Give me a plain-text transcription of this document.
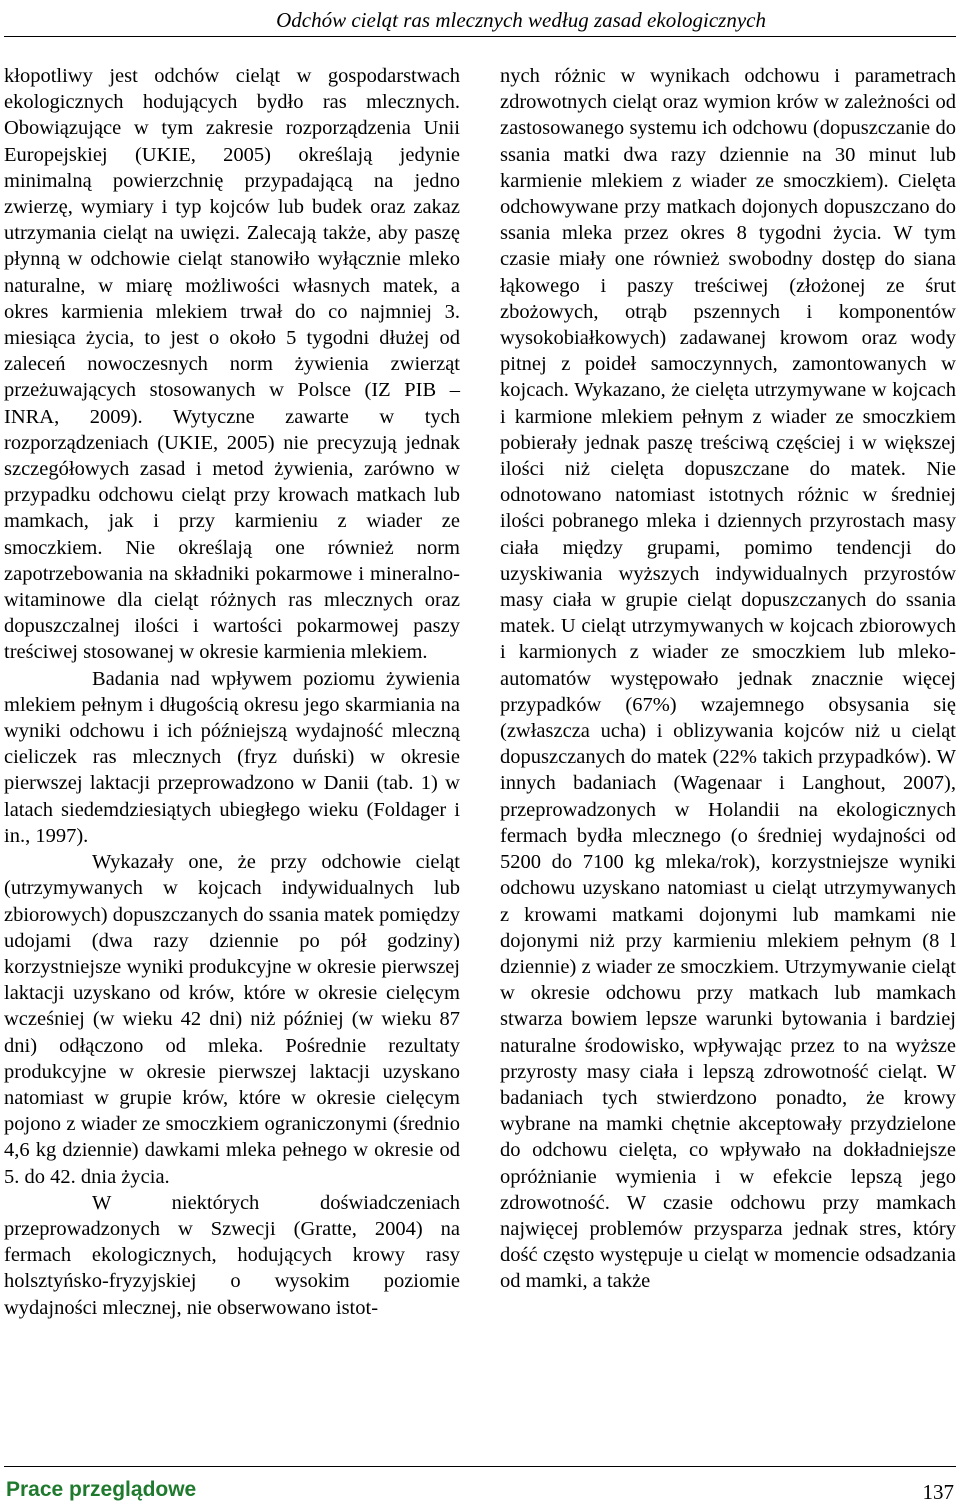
Odchów cieląt ras mlecznych według zasad ekologicznych

kłopotliwy jest odchów cieląt w gospodarstwach ekologicznych hodujących bydło ras mlecznych. Obowiązujące w tym zakresie rozporządzenia Unii Europejskiej (UKIE, 2005) określają jedynie minimalną powierzchnię przypadającą na jedno zwierzę, wymiary i typ kojców lub budek oraz zakaz utrzymania cieląt na uwięzi. Zalecają także, aby paszę płynną w odchowie cieląt stanowiło wyłącznie mleko naturalne, w miarę możliwości własnych matek, a okres karmienia mlekiem trwał do co najmniej 3. miesiąca życia, to jest o około 5 tygodni dłużej od zaleceń nowoczesnych norm żywienia zwierząt przeżuwających stosowanych w Polsce (IZ PIB – INRA, 2009). Wytyczne zawarte w tych rozporządzeniach (UKIE, 2005) nie precyzują jednak szczegółowych zasad i metod żywienia, zarówno w przypadku odchowu cieląt przy krowach matkach lub mamkach, jak i przy karmieniu z wiader ze smoczkiem. Nie określają one również norm zapotrzebowania na składniki pokarmowe i mineralno-witaminowe dla cieląt różnych ras mlecznych oraz dopuszczalnej ilości i wartości pokarmowej paszy treściwej stosowanej w okresie karmienia mlekiem.

Badania nad wpływem poziomu żywienia mlekiem pełnym i długością okresu jego skarmiania na wyniki odchowu i ich późniejszą wydajność mleczną cieliczek ras mlecznych (fryz duński) w okresie pierwszej laktacji przeprowadzono w Danii (tab. 1) w latach siedemdziesiątych ubiegłego wieku (Foldager i in., 1997).

Wykazały one, że przy odchowie cieląt (utrzymywanych w kojcach indywidualnych lub zbiorowych) dopuszczanych do ssania matek pomiędzy udojami (dwa razy dziennie po pół godziny) korzystniejsze wyniki produkcyjne w okresie pierwszej laktacji uzyskano od krów, które w okresie cielęcym wcześniej (w wieku 42 dni) niż później (w wieku 87 dni) odłączono od mleka. Pośrednie rezultaty produkcyjne w okresie pierwszej laktacji uzyskano natomiast w grupie krów, które w okresie cielęcym pojono z wiader ze smoczkiem ograniczonymi (średnio 4,6 kg dziennie) dawkami mleka pełnego w okresie od 5. do 42. dnia życia.

W niektórych doświadczeniach przeprowadzonych w Szwecji (Gratte, 2004) na fermach ekologicznych, hodujących krowy rasy holsztyńsko-fryzyjskiej o wysokim poziomie wydajności mlecznej, nie obserwowano istot-

nych różnic w wynikach odchowu i parametrach zdrowotnych cieląt oraz wymion krów w zależności od zastosowanego systemu ich odchowu (dopuszczanie do ssania matki dwa razy dziennie na 30 minut lub karmienie mlekiem z wiader ze smoczkiem). Cielęta odchowywane przy matkach dojonych dopuszczano do ssania mleka przez okres 8 tygodni życia. W tym czasie miały one również swobodny dostęp do siana łąkowego i paszy treściwej (złożonej ze śrut zbożowych, otrąb pszennych i komponentów wysokobiałkowych) zadawanej krowom oraz wody pitnej z poideł samoczynnych, zamontowanych w kojcach. Wykazano, że cielęta utrzymywane w kojcach i karmione mlekiem pełnym z wiader ze smoczkiem pobierały jednak paszę treściwą częściej i w większej ilości niż cielęta dopuszczane do matek. Nie odnotowano natomiast istotnych różnic w średniej ilości pobranego mleka i dziennych przyrostach masy ciała między grupami, pomimo tendencji do uzyskiwania wyższych indywidualnych przyrostów masy ciała w grupie cieląt dopuszczanych do ssania matek. U cieląt utrzymywanych w kojcach zbiorowych i karmionych z wiader ze smoczkiem lub mleko-automatów występowało jednak znacznie więcej przypadków (67%) wzajemnego obsysania się (zwłaszcza ucha) i oblizywania kojców niż u cieląt dopuszczanych do matek (22% takich przypadków). W innych badaniach (Wagenaar i Langhout, 2007), przeprowadzonych w Holandii na ekologicznych fermach bydła mlecznego (o średniej wydajności od 5200 do 7100 kg mleka/rok), korzystniejsze wyniki odchowu uzyskano natomiast u cieląt utrzymywanych z krowami matkami dojonymi lub mamkami nie dojonymi niż przy karmieniu mlekiem pełnym (8 l dziennie) z wiader ze smoczkiem. Utrzymywanie cieląt w okresie odchowu przy matkach lub mamkach stwarza bowiem lepsze warunki bytowania i bardziej naturalne środowisko, wpływając przez to na wyższe przyrosty masy ciała i lepszą zdrowotność cieląt. W badaniach tych stwierdzono ponadto, że krowy wybrane na mamki chętnie akceptowały przydzielone do odchowu cielęta, co wpływało na dokładniejsze opróżnianie wymienia i w efekcie lepszą jego zdrowotność. W czasie odchowu przy mamkach najwięcej problemów przysparza jednak stres, który dość często występuje u cieląt w momencie odsadzania od mamki, a także

Prace przeglądowe	137
